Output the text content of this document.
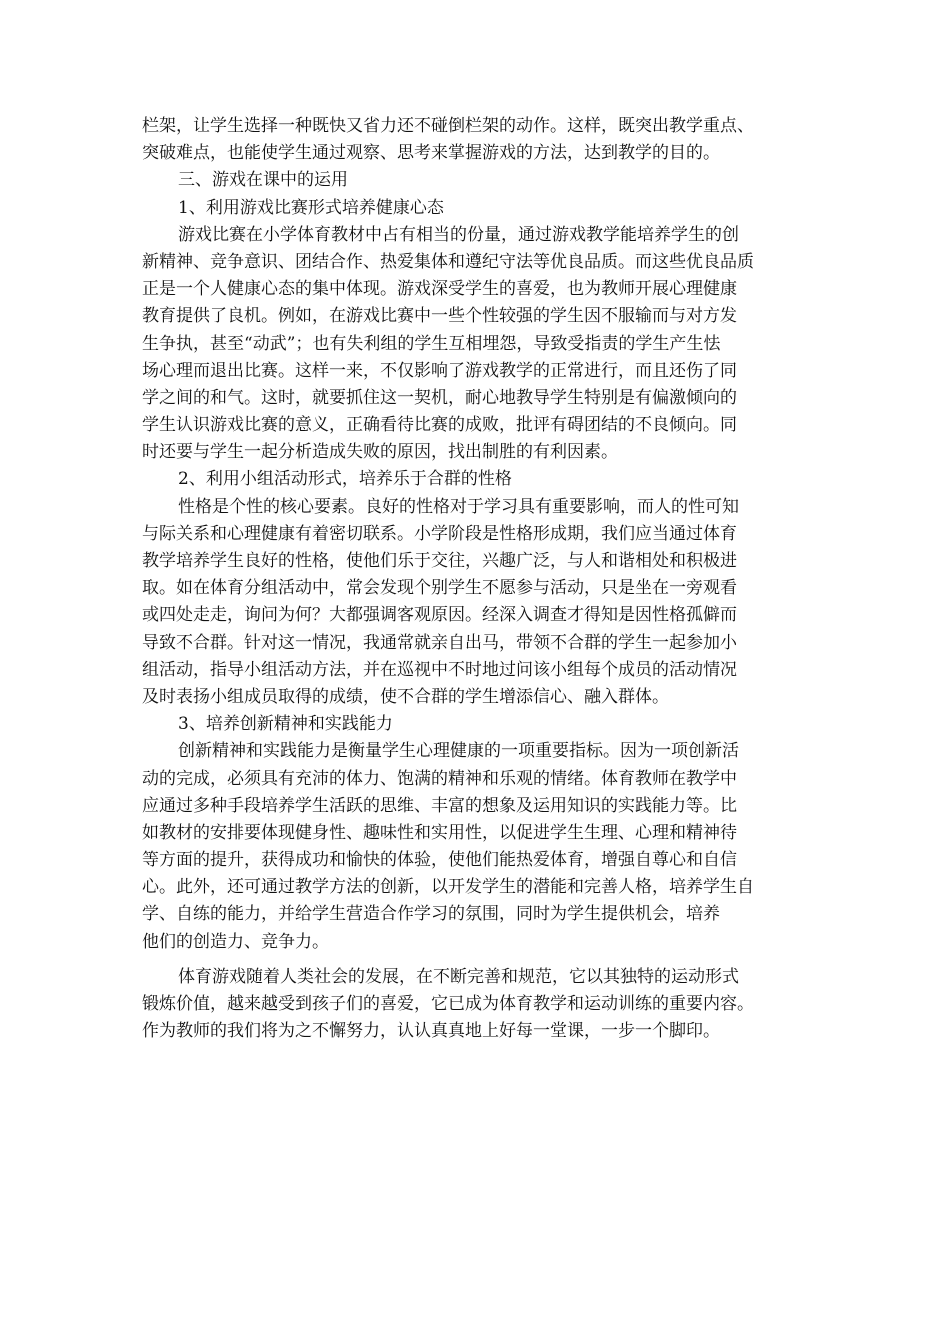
栏架，让学生选择一种既快又省力还不碰倒栏架的动作。这样，既突出教学重点、
突破难点，也能使学生通过观察、思考来掌握游戏的方法，达到教学的目的。
三、游戏在课中的运用
1、利用游戏比赛形式培养健康心态
游戏比赛在小学体育教材中占有相当的份量，通过游戏教学能培养学生的创
新精神、竞争意识、团结合作、热爱集体和遵纪守法等优良品质。而这些优良品质
正是一个人健康心态的集中体现。游戏深受学生的喜爱，也为教师开展心理健康
教育提供了良机。例如，在游戏比赛中一些个性较强的学生因不服输而与对方发
生争执，甚至“动武”；也有失利组的学生互相埋怨，导致受指责的学生产生怯
场心理而退出比赛。这样一来，不仅影响了游戏教学的正常进行，而且还伤了同
学之间的和气。这时，就要抓住这一契机，耐心地教导学生特别是有偏激倾向的
学生认识游戏比赛的意义，正确看待比赛的成败，批评有碍团结的不良倾向。同
时还要与学生一起分析造成失败的原因，找出制胜的有利因素。
2、利用小组活动形式，培养乐于合群的性格
性格是个性的核心要素。良好的性格对于学习具有重要影响，而人的性可知
与际关系和心理健康有着密切联系。小学阶段是性格形成期，我们应当通过体育
教学培养学生良好的性格，使他们乐于交往，兴趣广泛，与人和谐相处和积极进
取。如在体育分组活动中，常会发现个别学生不愿参与活动，只是坐在一旁观看
或四处走走，询问为何？大都强调客观原因。经深入调查才得知是因性格孤僻而
导致不合群。针对这一情况，我通常就亲自出马，带领不合群的学生一起参加小
组活动，指导小组活动方法，并在巡视中不时地过问该小组每个成员的活动情况
及时表扬小组成员取得的成绩，使不合群的学生增添信心、融入群体。
3、培养创新精神和实践能力
创新精神和实践能力是衡量学生心理健康的一项重要指标。因为一项创新活
动的完成，必须具有充沛的体力、饱满的精神和乐观的情绪。体育教师在教学中
应通过多种手段培养学生活跃的思维、丰富的想象及运用知识的实践能力等。比
如教材的安排要体现健身性、趣味性和实用性，以促进学生生理、心理和精神待
等方面的提升，获得成功和愉快的体验，使他们能热爱体育，增强自尊心和自信
心。此外，还可通过教学方法的创新，以开发学生的潜能和完善人格，培养学生自
学、自练的能力，并给学生营造合作学习的氛围，同时为学生提供机会，培养
他们的创造力、竞争力。
体育游戏随着人类社会的发展，在不断完善和规范，它以其独特的运动形式
锻炼价值，越来越受到孩子们的喜爱，它已成为体育教学和运动训练的重要内容。
作为教师的我们将为之不懈努力，认认真真地上好每一堂课，一步一个脚印。
